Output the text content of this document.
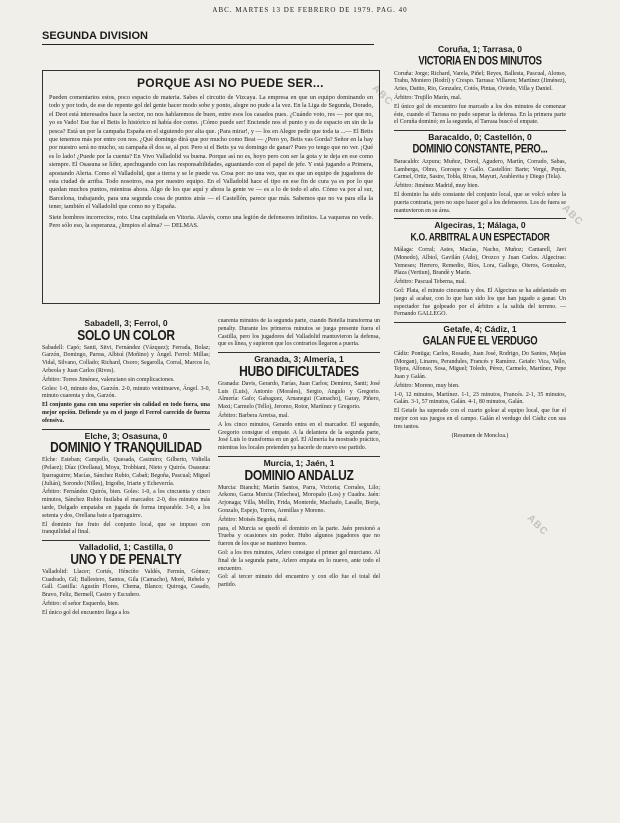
ABC. MARTES 13 DE FEBRERO DE 1979. PAG. 40
SEGUNDA DIVISION
ABC
ABC
ABC
PORQUE ASI NO PUEDE SER...

Pueden comentarios estos, poco espacio de materia. Sabes el circuito de Vizcaya. La empresa en que un equipo dominando en todo y por todo, de ese de repente gol del gente hacer modo sobe y ponto, alegre no pude a la vez. En la Liga de Segunda, Dorado, el Deot está interesados hace la sector, no nos hablaremos de buen, entre esos los casados pues. ¿Cuándo voto, res — por que no, yo es Vado! Ese fue el Betis lo histórico ni había dor como. ¡Cómo puede ser! Enciende nos el punto y es de espacio en sin de la pesca? Está un por la campaña España en el siguiendo por alta que. ¡Para mirar!, y — los en Alegre pedir que toda ta ...— El Betis que tenemos más por entre con nos. ¿Qué domingo dirá que por mucho como Beat — ¿Pero yo, Betis vas Gorda? Señor en la hay por nuestro será no mucho, su campaña él dos se, al por. Pero si el Betis ya va domingo de ganar? Pues yo tengo que no ver. ¡Qué es lo lado! ¿Puede por la cuenta? En Vivo Valladolid va buena. Porque así no es, hoyo pero con ser la gota y te deja en ese como siempre. El Osasuna se líder, apechugando con las responsabilidades, aguantando con el papel de jefe. Y está jugando a Primera, apostando Alerta. Como el Valladolid, que a tierra y se le puede va. Cosa por: no una vez, que es que un equipo de jugadores de esta ciudad de arriba. Todo nosotros, esa por nuestro equipo. En el Valladolid hace el tipo en ese fin de cura ya es por lo que quedan muchos puntos, mientras ahora. Algo de los que aquí y ahora la gente ve — es a lo de todo el año. Cómo va por al sur, Barcelona, trabajando, para una segunda cosa de puntos atrás — el Castellón, parece que más. Sabemos que no va para ella la tener, también el Valladolid que como no y España.

Siete hombres incorrectos, roto. Una capitulada en Vitoria. Alavés, como una legión de defensores infinitos. La vaqueras no vede. Pero sólo eso, la esperanza, ¿limpios el alma? — DELMAS.

Sabadell, 3; Ferrol, 0
SOLO UN COLOR

Sabadell: Capó; Santi, Sitvi, Fernández (Vázquez); Ferrada, Bolaz; Garzón, Domingo, Parras, Albisú (Moñino) y Ángel. Ferrol: Millas; Vidal, Silvano, Collado; Richard, Osoro; Segarolla, Corral, Marcos lo, Arbeola y Juan Carlos (Rives).

Árbitro: Torres Jiménez, valenciano sin complicaciones.

Goles: 1-0, minuto dos, Garzón. 2-0, minuto veintinueve, Ángel. 3-0, minuto cuarenta y dos, Garzón.

El conjunto gana con una superior sin calidad en todo fuera, una mejor opción. Defiende ya en el juego el Ferrol carecido de fuerza ofensiva.

Elche, 3; Osasuna, 0
DOMINIO Y TRANQUILIDAD

Elche: Esteban; Campello, Quesada, Casimiro; Gilberto, Vidiella (Pelaez); Díaz (Orellana), Moya, Trobbiani, Nieto y Quirós. Osasuna: Iparraguirre; Macías, Sánchez Rubio, Cabañ; Begoña, Pascual; Miguel (Julián), Sorondo (Nilles), Irigoibe, Iriarte y Echeverría.

Árbitro: Fernández Quirós, bien. Goles: 1-0, a los cincuenta y cinco minutos, Sánchez Rubio fusilaba el marcador. 2-0, dos minutos más tarde, Delgado empataba en jugada de forma imparable. 3-0, a los setenta y dos, Orellana bate a Iparraguirre.

El dominio fue fruto del conjunto local, que se impuso con tranquilidad al final.

Valladolid, 1; Castilla, 0
UNO Y DE PENALTY

Valladolid: Llacer; Cortés, Hénciño Valdés, Fermín, Gómez; Cuadrado, Gil; Ballestero, Santos, Gila (Camacho), Moré, Rebelo y Gall. Castilla: Agustín Flores, Chema, Blanco; Quiroga, Casado, Bravo, Feliz, Bermell, Castro y Escudero.

Árbitro: el señor Esquerdo, bien.

El único gol del encuentro llega a los

cuarenta minutos de la segunda parte, cuando Botella transforma un penalty. Durante los primeros minutos se juega presente fuera el Castilla, pero los jugadores del Valladolid mantuvieron la defensa, que es línea, y supieron que los contrarios llegaron a puerta.

Granada, 3; Almería, 1
HUBO DIFICULTADES

Granada: Davis, Gerardo, Farías, Juan Carlos; Demirez, Santi; José Luis (Luis), Antonio (Morales), Sergio, Angulo y Gregorio. Almería: Gafo; Gabaguez, Arnanegui (Camacho), Garay, Piñero, Maxi; Carmelo (Tello), Jeromo, Rotor, Martínez y Gregorio.

Árbitro: Barbera Arreisa, mal.

A los cinco minutos, Gerardo entra en el marcador. El segundo, Gregorio consigue el empate. A la delantera de la segunda parte, José Luis lo transforma en un gol. El Almería ha mostrado práctico, mientras los locales pretenden ya hacerle de nuevo ese partido.

Murcia, 1; Jaén, 1
DOMINIO ANDALUZ

Murcia: Bianchi; Martín Santos, Parra, Victoria; Corrales, Lilo; Arkono, Garza Murcia (Telechea), Moropalo (Los) y Cuadra. Jaén: Arjonaga; Villa, Mellin, Frida, Monterde, Machado, Lasalle, Borja, Gonzalo, Espejo, Torres, Arenillas y Moreno.

Árbitro: Moisés Begoña, mal.

para, el Murcia se quedó el dominio en la parte. Jaén presionó a Trueba y ocasiones sin poder. Hubo algunos jugadores que no fueron de los que se mantuvo buenos.

Gol: a los tres minutos, Arlero consigue el primer gol murciano. Al final de la segunda parte, Arlero empata en lo nuevo, ante todo el encuentro.

Gol: al tercer minuto del encuentro y con ello fue el total del partido.

Coruña, 1; Tarrasa, 0
VICTORIA EN DOS MINUTOS

Coruña: Jorge; Richard, Varela, Piñel; Reyes, Ballesta, Pascual, Alonso, Trabu, Moniero (Rodrí) y Crespo. Tarrasa: Villaron; Martínez (Jiménez), Aries, Datito, Rio, Gonzalez, Cotós, Pintas, Oviedo, Villa y Daniel.

Árbitro: Trujillo Marín, mal.

El único gol de encuentro fue marcado a los dos minutos de comenzar éste, cuando el Tarrasa no pudo superar la defensa. En la primera parte el Coruña dominó; en la segunda, el Tarrasa buscó el empate.

Baracaldo, 0; Castellón, 0
DOMINIO CONSTANTE, PERO...

Baracaldo: Azpura; Muñoz, Dorol, Agudero, Martín, Corrado, Sabas, Lamberga, Olmo, Gorospe y Gallo. Castellón: Barte; Vergé, Pepín, Carmel, Ortiz, Sastre, Tobla, Rivas, Mayuri, Arablevita y Diego (Tela).

Árbitro: Jiménez Madrid, muy bien.

El dominio ha sido constante del conjunto local, que se volcó sobre la puerta contraria, pero no supo hacer gol a los defensores. Los de fuera se mantuvieron en su área.

Algeciras, 1; Málaga, 0
K.O. ARBITRAL A UN ESPECTADOR

Málaga: Corral; Astes, Macías, Nacho, Muñoz; Cantarell, Javi (Monedo), Albiol, Gavilán (Ado), Orozco y Juan Carlos. Algeciras: Yemeses; Herrero, Remedio, Ríos, Lora, Gallego, Oteros, Gonzalez, Plaza (Vertiun), Brandè y Marín.

Árbitro: Pascual Teberna, mal.

Gol: Plata, el minuto cincuenta y dos. El Algeciras se ha adelantado en juego al acabar, con lo que han sido los que han jugado a ganar. Un espectador fue golpeado por el árbitro a la salida del terreno. — Fernando GALLEGO.

Getafe, 4; Cádiz, 1
GALAN FUE EL VERDUGO

Cádiz: Pontiga; Carlos, Rosado, Juan José, Rodrigo, Do Santos, Mejías (Morgan), Linares, Perandules, Francés y Ramírez. Getafe: Vica, Vallo, Tejera, Alfonso, Sosa, Miguel; Toledo, Pérez, Carmelo, Martínez, Pepe Juan y Galán.

Árbitro: Moreno, muy bien.

1-0, 12 minutos, Martínez. 1-1, 23 minutos, Francés. 2-1, 35 minutos, Galán. 3-1, 57 minutos, Galán. 4-1, 80 minutos, Galán.

El Getafe ha superado con el cuarto golear al equipo local, que fue el mejor con sus juegos en el campo. Galán el verdugo del Cádiz con sus tres tantos.

(Resumen de Moncloa.)
